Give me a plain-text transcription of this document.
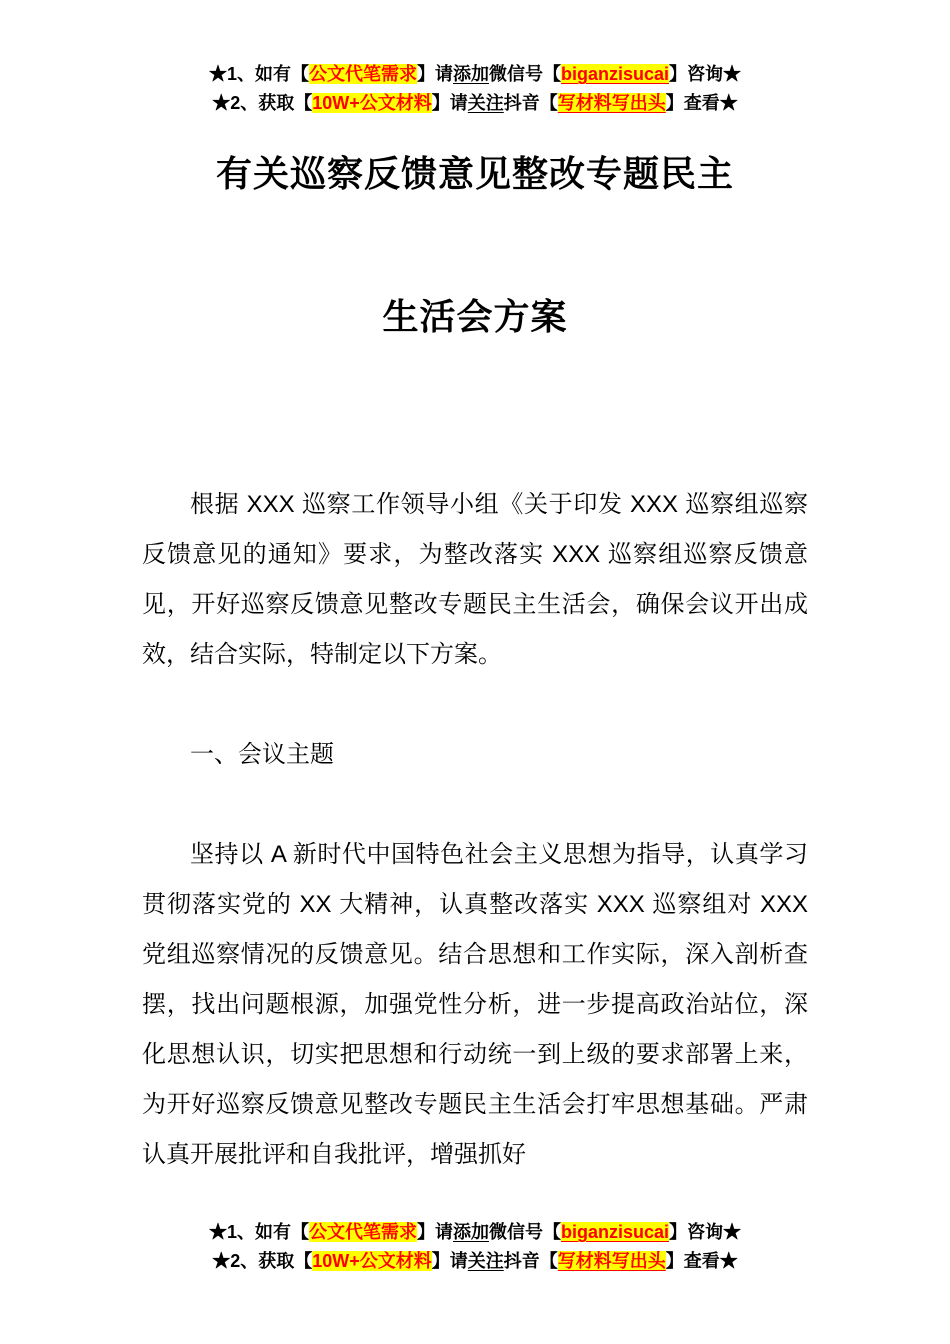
★1、如有【公文代笔需求】请添加微信号【biganzisucai】咨询★
★2、获取【10W+公文材料】请关注抖音【写材料写出头】查看★
有关巡察反馈意见整改专题民主
生活会方案

根据 XXX 巡察工作领导小组《关于印发 XXX 巡察组巡察反馈意见的通知》要求，为整改落实 XXX 巡察组巡察反馈意见，开好巡察反馈意见整改专题民主生活会，确保会议开出成效，结合实际，特制定以下方案。

一、会议主题

坚持以 A 新时代中国特色社会主义思想为指导，认真学习贯彻落实党的 XX 大精神，认真整改落实 XXX 巡察组对 XXX 党组巡察情况的反馈意见。结合思想和工作实际，深入剖析查摆，找出问题根源，加强党性分析，进一步提高政治站位，深化思想认识，切实把思想和行动统一到上级的要求部署上来，为开好巡察反馈意见整改专题民主生活会打牢思想基础。严肃认真开展批评和自我批评，增强抓好

★1、如有【公文代笔需求】请添加微信号【biganzisucai】咨询★
★2、获取【10W+公文材料】请关注抖音【写材料写出头】查看★
